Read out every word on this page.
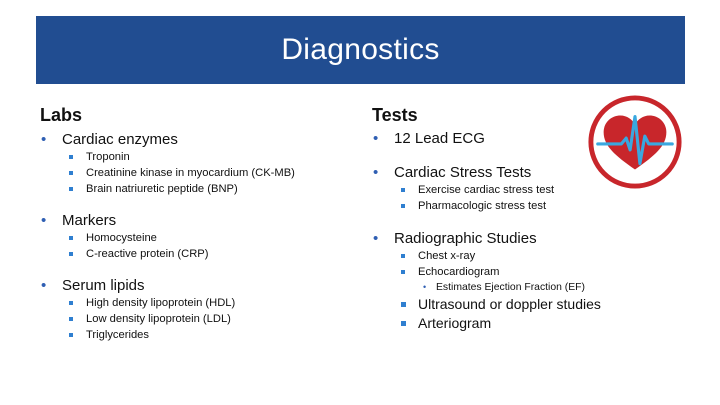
Diagnostics
Labs
• Cardiac enzymes
Troponin
Creatinine kinase in myocardium (CK-MB)
Brain natriuretic peptide (BNP)
• Markers
Homocysteine
C-reactive protein (CRP)
• Serum lipids
High density lipoprotein (HDL)
Low density lipoprotein (LDL)
Triglycerides
Tests
• 12 Lead ECG
• Cardiac Stress Tests
Exercise cardiac stress test
Pharmacologic stress test
• Radiographic Studies
Chest x-ray
Echocardiogram
• Estimates Ejection Fraction (EF)
Ultrasound or doppler studies
Arteriogram
